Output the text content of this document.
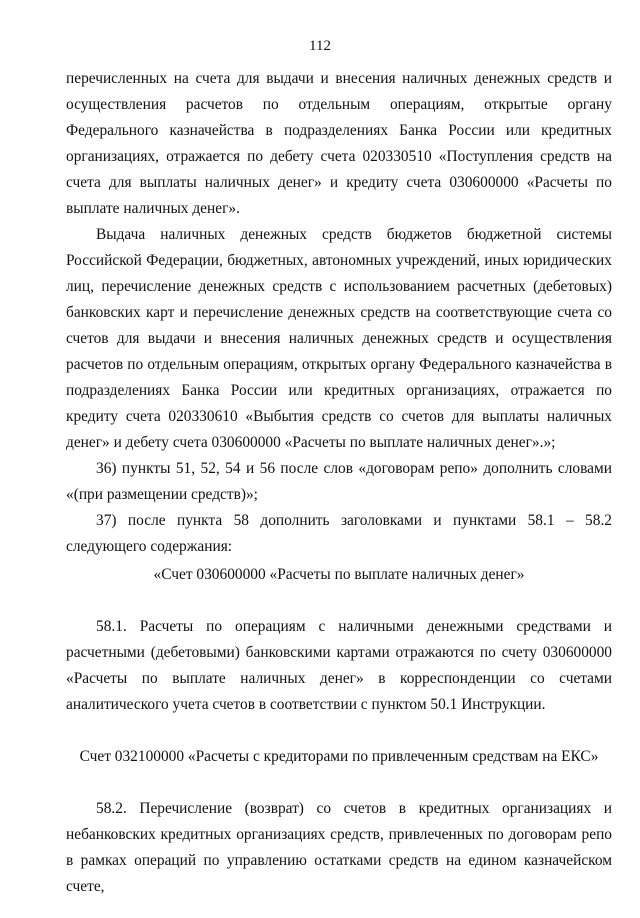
112

перечисленных на счета для выдачи и внесения наличных денежных средств и осуществления расчетов по отдельным операциям, открытые органу Федерального казначейства в подразделениях Банка России или кредитных организациях, отражается по дебету счета 020330510 «Поступления средств на счета для выплаты наличных денег» и кредиту счета 030600000 «Расчеты по выплате наличных денег».

Выдача наличных денежных средств бюджетов бюджетной системы Российской Федерации, бюджетных, автономных учреждений, иных юридических лиц, перечисление денежных средств с использованием расчетных (дебетовых) банковских карт и перечисление денежных средств на соответствующие счета со счетов для выдачи и внесения наличных денежных средств и осуществления расчетов по отдельным операциям, открытых органу Федерального казначейства в подразделениях Банка России или кредитных организациях, отражается по кредиту счета 020330610 «Выбытия средств со счетов для выплаты наличных денег» и дебету счета 030600000 «Расчеты по выплате наличных денег».»;

36) пункты 51, 52, 54 и 56 после слов «договорам репо» дополнить словами «(при размещении средств)»;

37) после пункта 58 дополнить заголовками и пунктами 58.1 – 58.2 следующего содержания:

«Счет 030600000 «Расчеты по выплате наличных денег»

58.1. Расчеты по операциям с наличными денежными средствами и расчетными (дебетовыми) банковскими картами отражаются по счету 030600000 «Расчеты по выплате наличных денег» в корреспонденции со счетами аналитического учета счетов в соответствии с пунктом 50.1 Инструкции.

Счет 032100000 «Расчеты с кредиторами по привлеченным средствам на ЕКС»

58.2. Перечисление (возврат) со счетов в кредитных организациях и небанковских кредитных организациях средств, привлеченных по договорам репо в рамках операций по управлению остатками средств на едином казначейском счете,
